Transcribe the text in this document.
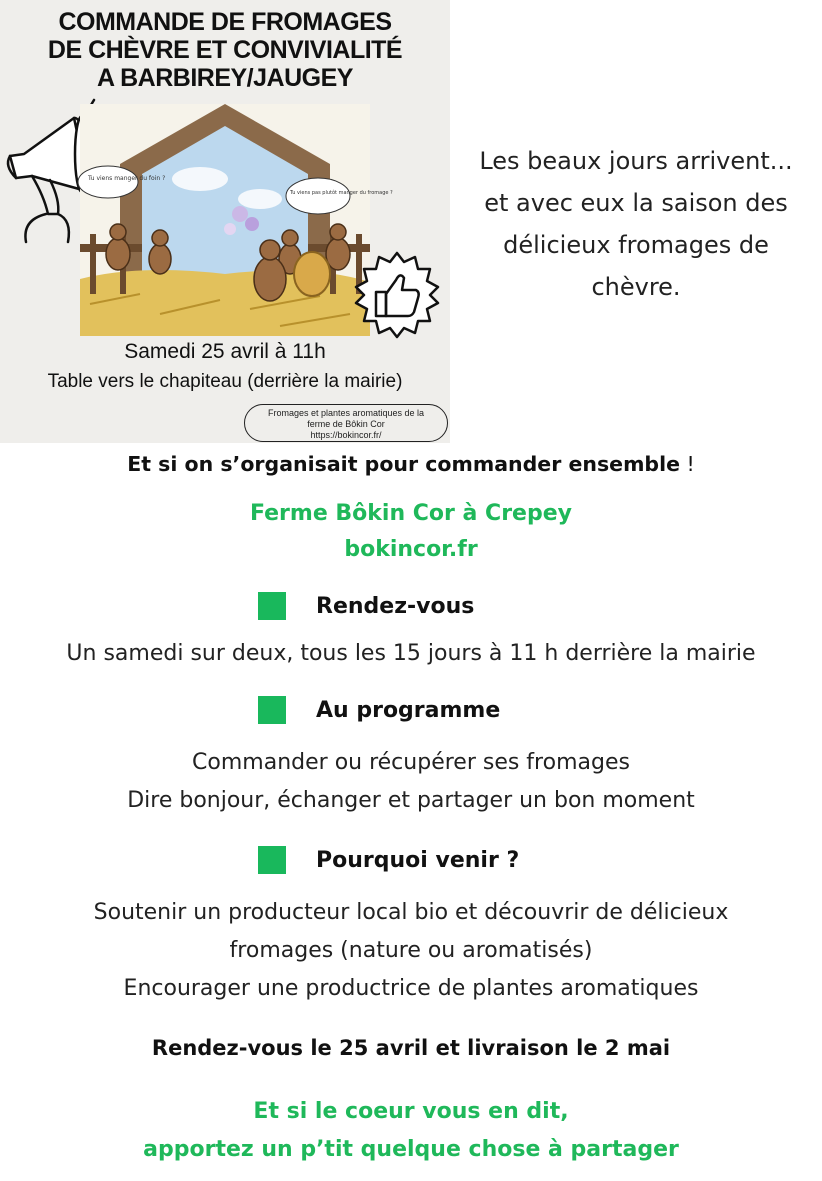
COMMANDE DE FROMAGES
DE CHÈVRE ET CONVIVIALITÉ
A BARBIREY/JAUGEY
Tu viens manger du foin ?
Tu viens pas plutôt manger du fromage ?
Samedi 25 avril à 11h
Table vers le chapiteau (derrière la mairie)
Fromages et plantes aromatiques de la
ferme de Bôkin Cor
https://bokincor.fr/
Les beaux jours arrivent...
et avec eux la saison des
délicieux fromages de
chèvre.
Et si on s’organisait pour commander ensemble !
Ferme Bôkin Cor à Crepey
bokincor.fr
Rendez-vous
Un samedi sur deux, tous les 15 jours à 11 h derrière la mairie
Au programme
Commander ou récupérer ses fromages
Dire bonjour, échanger et partager un bon moment
Pourquoi venir ?
Soutenir un producteur local bio et découvrir de délicieux
fromages (nature ou aromatisés)
Encourager une productrice de plantes aromatiques
Rendez-vous le 25 avril et livraison le 2 mai
Et si le coeur vous en dit,
apportez un p’tit quelque chose à partager
